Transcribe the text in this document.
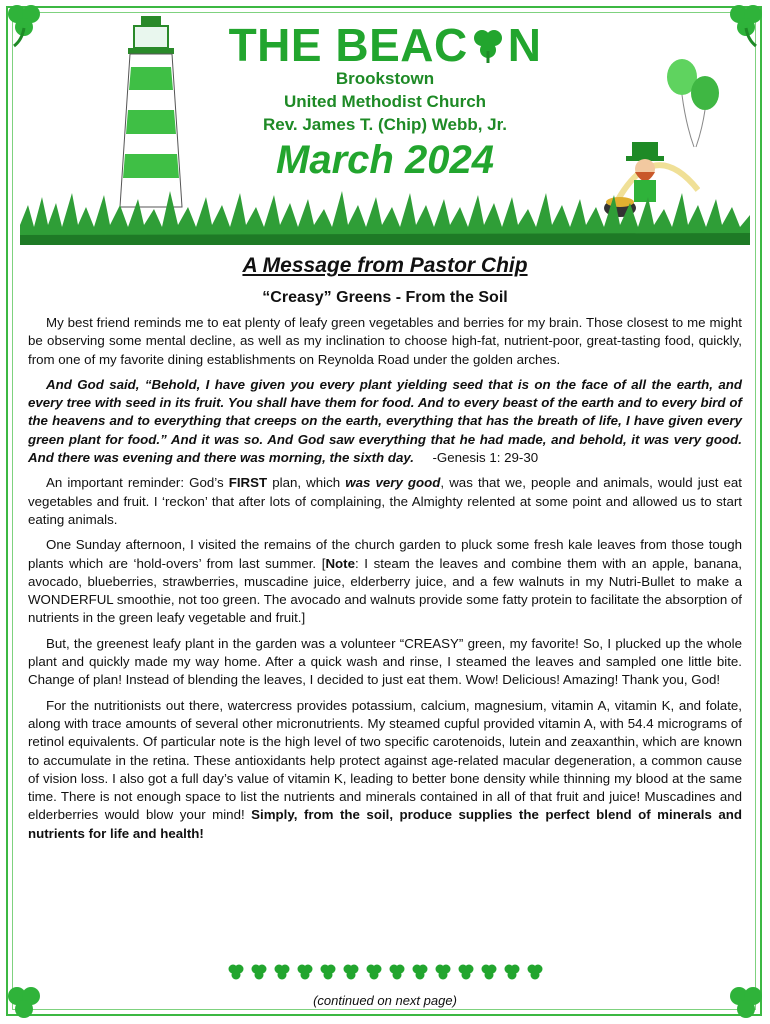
THE BEAC N
Brookstown
United Methodist Church
Rev. James T. (Chip) Webb, Jr.
March 2024
A Message from Pastor Chip
“Creasy” Greens - From the Soil

My best friend reminds me to eat plenty of leafy green vegetables and berries for my brain. Those closest to me might be observing some mental decline, as well as my inclination to choose high-fat, nutrient-poor, great-tasting food, quickly, from one of my favorite dining establishments on Reynolda Road under the golden arches.

And God said, “Behold, I have given you every plant yielding seed that is on the face of all the earth, and every tree with seed in its fruit. You shall have them for food. And to every beast of the earth and to every bird of the heavens and to everything that creeps on the earth, everything that has the breath of life, I have given every green plant for food.” And it was so. And God saw everything that he had made, and behold, it was very good. And there was evening and there was morning, the sixth day. -Genesis 1: 29-30

An important reminder: God’s FIRST plan, which was very good, was that we, people and animals, would just eat vegetables and fruit. I ‘reckon’ that after lots of complaining, the Almighty relented at some point and allowed us to start eating animals.

One Sunday afternoon, I visited the remains of the church garden to pluck some fresh kale leaves from those tough plants which are ‘hold-overs’ from last summer. [Note: I steam the leaves and combine them with an apple, banana, avocado, blueberries, strawberries, muscadine juice, elderberry juice, and a few walnuts in my Nutri-Bullet to make a WONDERFUL smoothie, not too green. The avocado and walnuts provide some fatty protein to facilitate the absorption of nutrients in the green leafy vegetable and fruit.]

But, the greenest leafy plant in the garden was a volunteer “CREASY” green, my favorite! So, I plucked up the whole plant and quickly made my way home. After a quick wash and rinse, I steamed the leaves and sampled one little bite. Change of plan! Instead of blending the leaves, I decided to just eat them. Wow! Delicious! Amazing! Thank you, God!

For the nutritionists out there, watercress provides potassium, calcium, magnesium, vitamin A, vitamin K, and folate, along with trace amounts of several other micronutrients. My steamed cupful provided vitamin A, with 54.4 micrograms of retinol equivalents. Of particular note is the high level of two specific carotenoids, lutein and zeaxanthin, which are known to accumulate in the retina. These antioxidants help protect against age-related macular degeneration, a common cause of vision loss. I also got a full day’s value of vitamin K, leading to better bone density while thinning my blood at the same time. There is not enough space to list the nutrients and minerals contained in all of that fruit and juice! Muscadines and elderberries would blow your mind! Simply, from the soil, produce supplies the perfect blend of minerals and nutrients for life and health!

(continued on next page)
